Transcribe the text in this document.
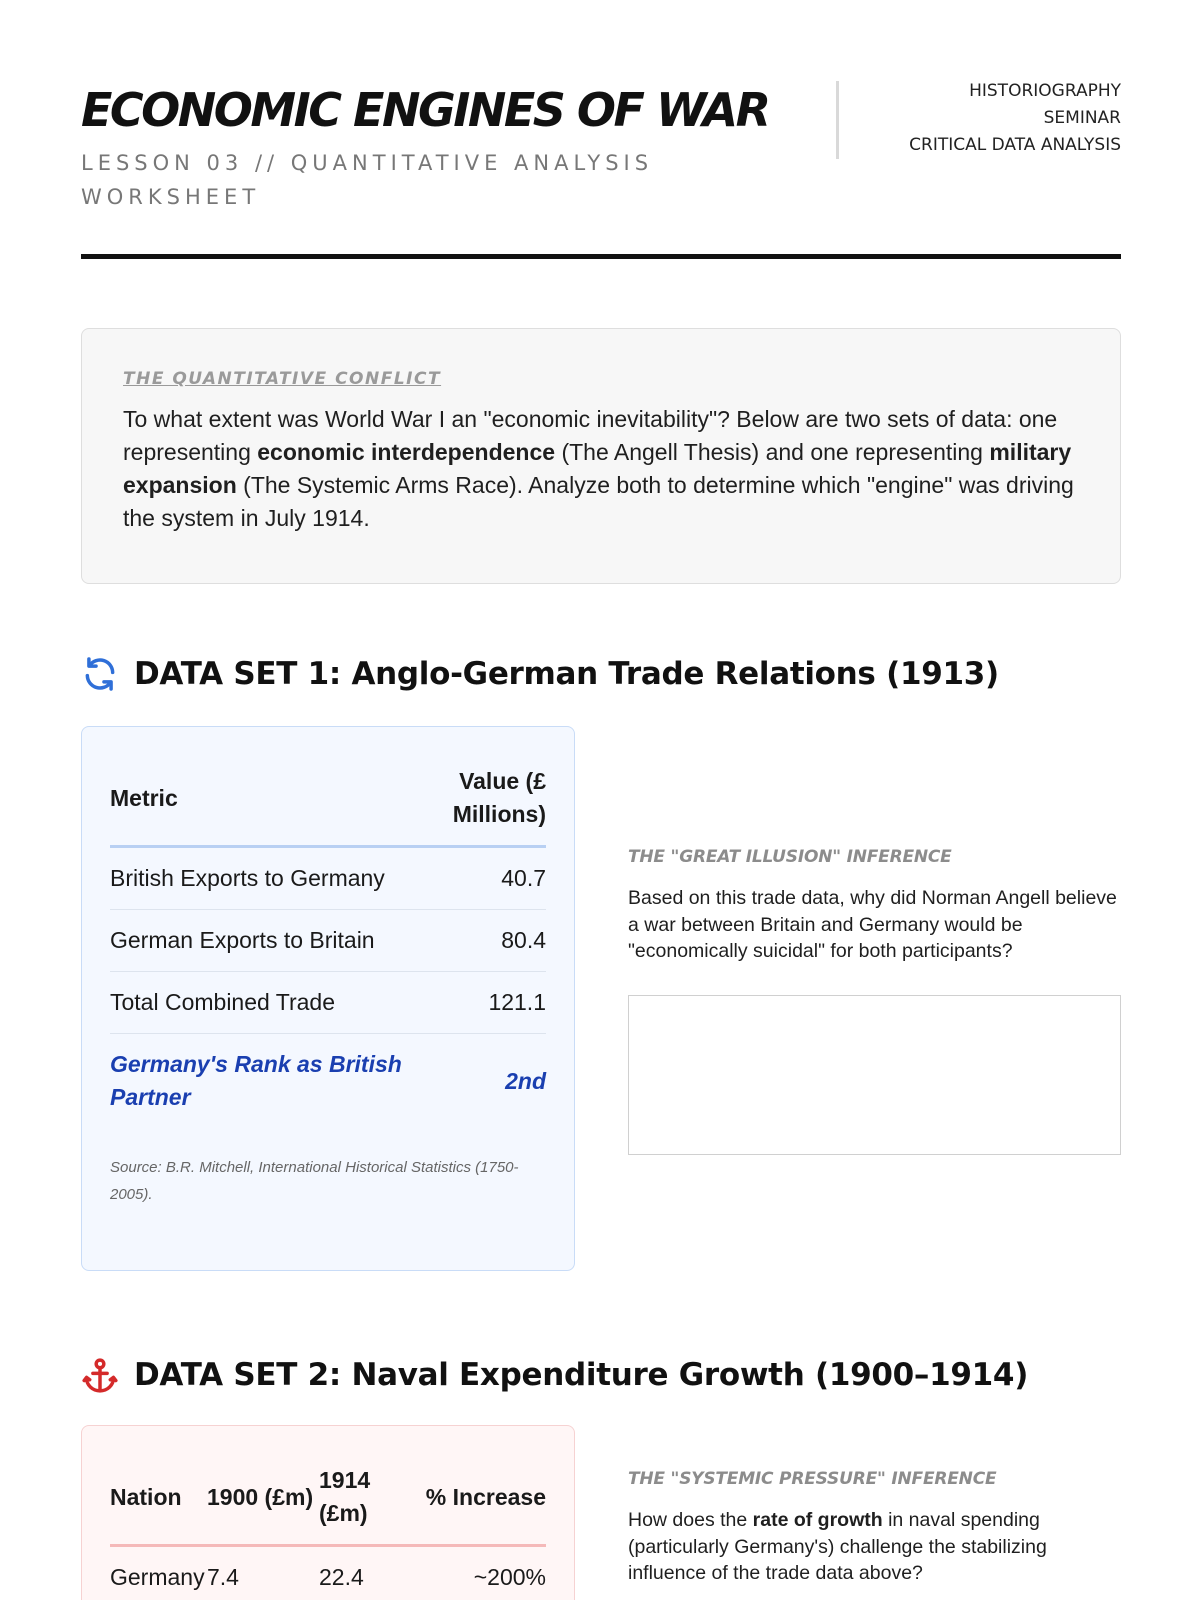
ECONOMIC ENGINES OF WAR
LESSON 03 // QUANTITATIVE ANALYSIS WORKSHEET
HISTORIOGRAPHY
SEMINAR
CRITICAL DATA ANALYSIS
THE QUANTITATIVE CONFLICT

To what extent was World War I an "economic inevitability"? Below are two sets of data: one representing economic interdependence (The Angell Thesis) and one representing military expansion (The Systemic Arms Race). Analyze both to determine which "engine" was driving the system in July 1914.

DATA SET 1: Anglo-German Trade Relations (1913)
Metric	Value (£ Millions)
British Exports to Germany	40.7
German Exports to Britain	80.4
Total Combined Trade	121.1
Germany's Rank as British Partner	2nd
Source: B.R. Mitchell, International Historical Statistics (1750-2005).
THE "GREAT ILLUSION" INFERENCE

Based on this trade data, why did Norman Angell believe a war between Britain and Germany would be "economically suicidal" for both participants?

DATA SET 2: Naval Expenditure Growth (1900–1914)
Nation	1900 (£m)	1914 (£m)	% Increase
Germany	7.4	22.4	~200%
THE "SYSTEMIC PRESSURE" INFERENCE

How does the rate of growth in naval spending (particularly Germany's) challenge the stabilizing influence of the trade data above?
